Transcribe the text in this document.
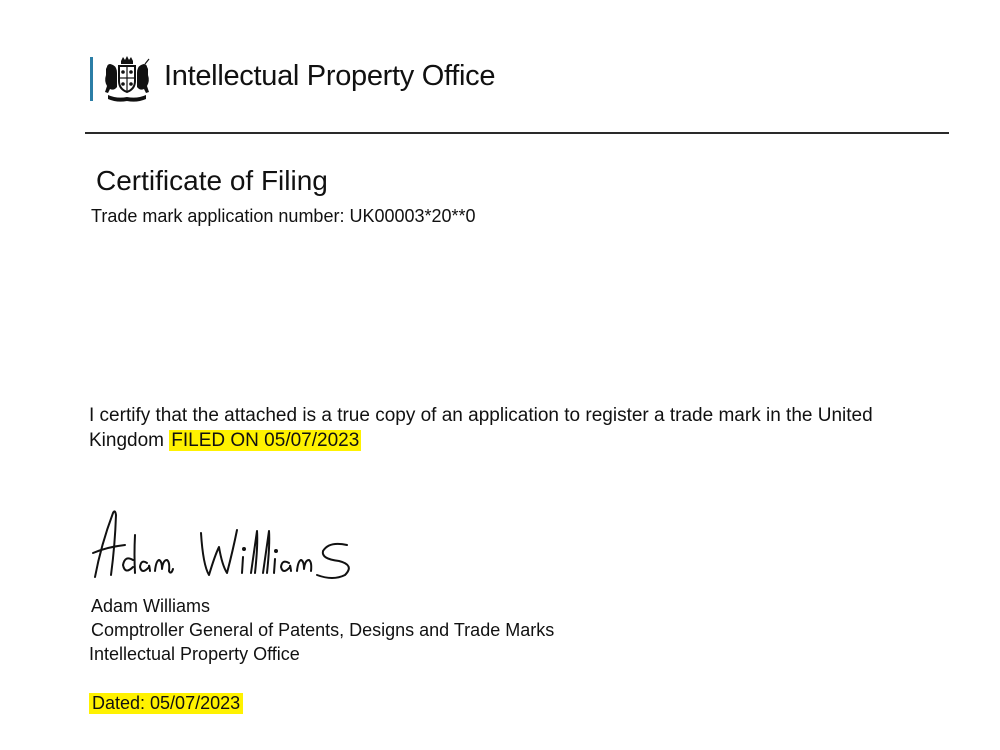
Intellectual Property Office
Certificate of Filing
Trade mark application number: UK00003*20**0
I certify that the attached is a true copy of an application to register a trade mark in the United Kingdom FILED ON 05/07/2023
Adam Williams
Comptroller General of Patents, Designs and Trade Marks
Intellectual Property Office
Dated: 05/07/2023
